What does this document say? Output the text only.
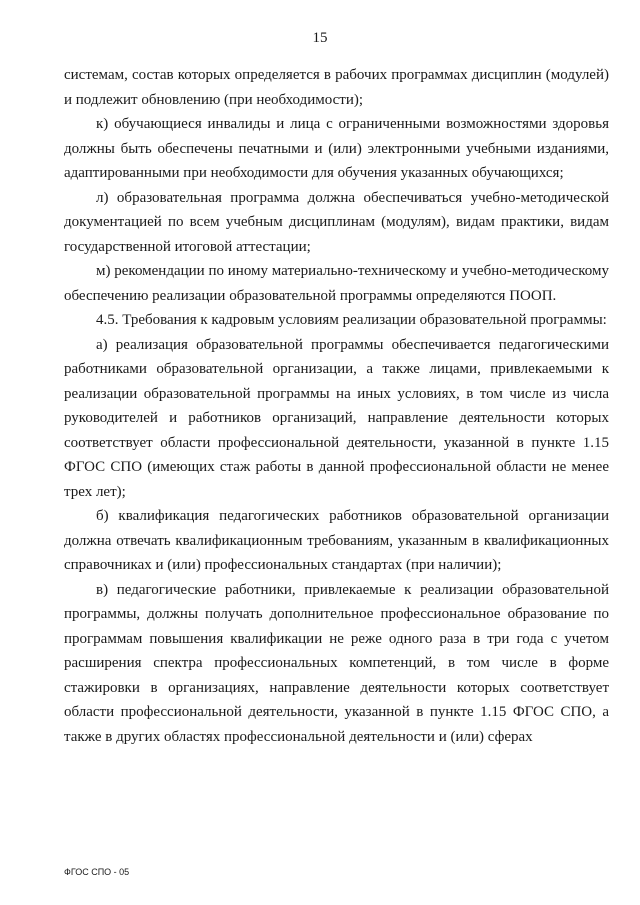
15

системам, состав которых определяется в рабочих программах дисциплин (модулей) и подлежит обновлению (при необходимости);

к) обучающиеся инвалиды и лица с ограниченными возможностями здоровья должны быть обеспечены печатными и (или) электронными учебными изданиями, адаптированными при необходимости для обучения указанных обучающихся;

л) образовательная программа должна обеспечиваться учебно-методической документацией по всем учебным дисциплинам (модулям), видам практики, видам государственной итоговой аттестации;

м) рекомендации по иному материально-техническому и учебно-методическому обеспечению реализации образовательной программы определяются ПООП.

4.5. Требования к кадровым условиям реализации образовательной программы:

а) реализация образовательной программы обеспечивается педагогическими работниками образовательной организации, а также лицами, привлекаемыми к реализации образовательной программы на иных условиях, в том числе из числа руководителей и работников организаций, направление деятельности которых соответствует области профессиональной деятельности, указанной в пункте 1.15 ФГОС СПО (имеющих стаж работы в данной профессиональной области не менее трех лет);

б) квалификация педагогических работников образовательной организации должна отвечать квалификационным требованиям, указанным в квалификационных справочниках и (или) профессиональных стандартах (при наличии);

в) педагогические работники, привлекаемые к реализации образовательной программы, должны получать дополнительное профессиональное образование по программам повышения квалификации не реже одного раза в три года с учетом расширения спектра профессиональных компетенций, в том числе в форме стажировки в организациях, направление деятельности которых соответствует области профессиональной деятельности, указанной в пункте 1.15 ФГОС СПО, а также в других областях профессиональной деятельности и (или) сферах

ФГОС СПО - 05
